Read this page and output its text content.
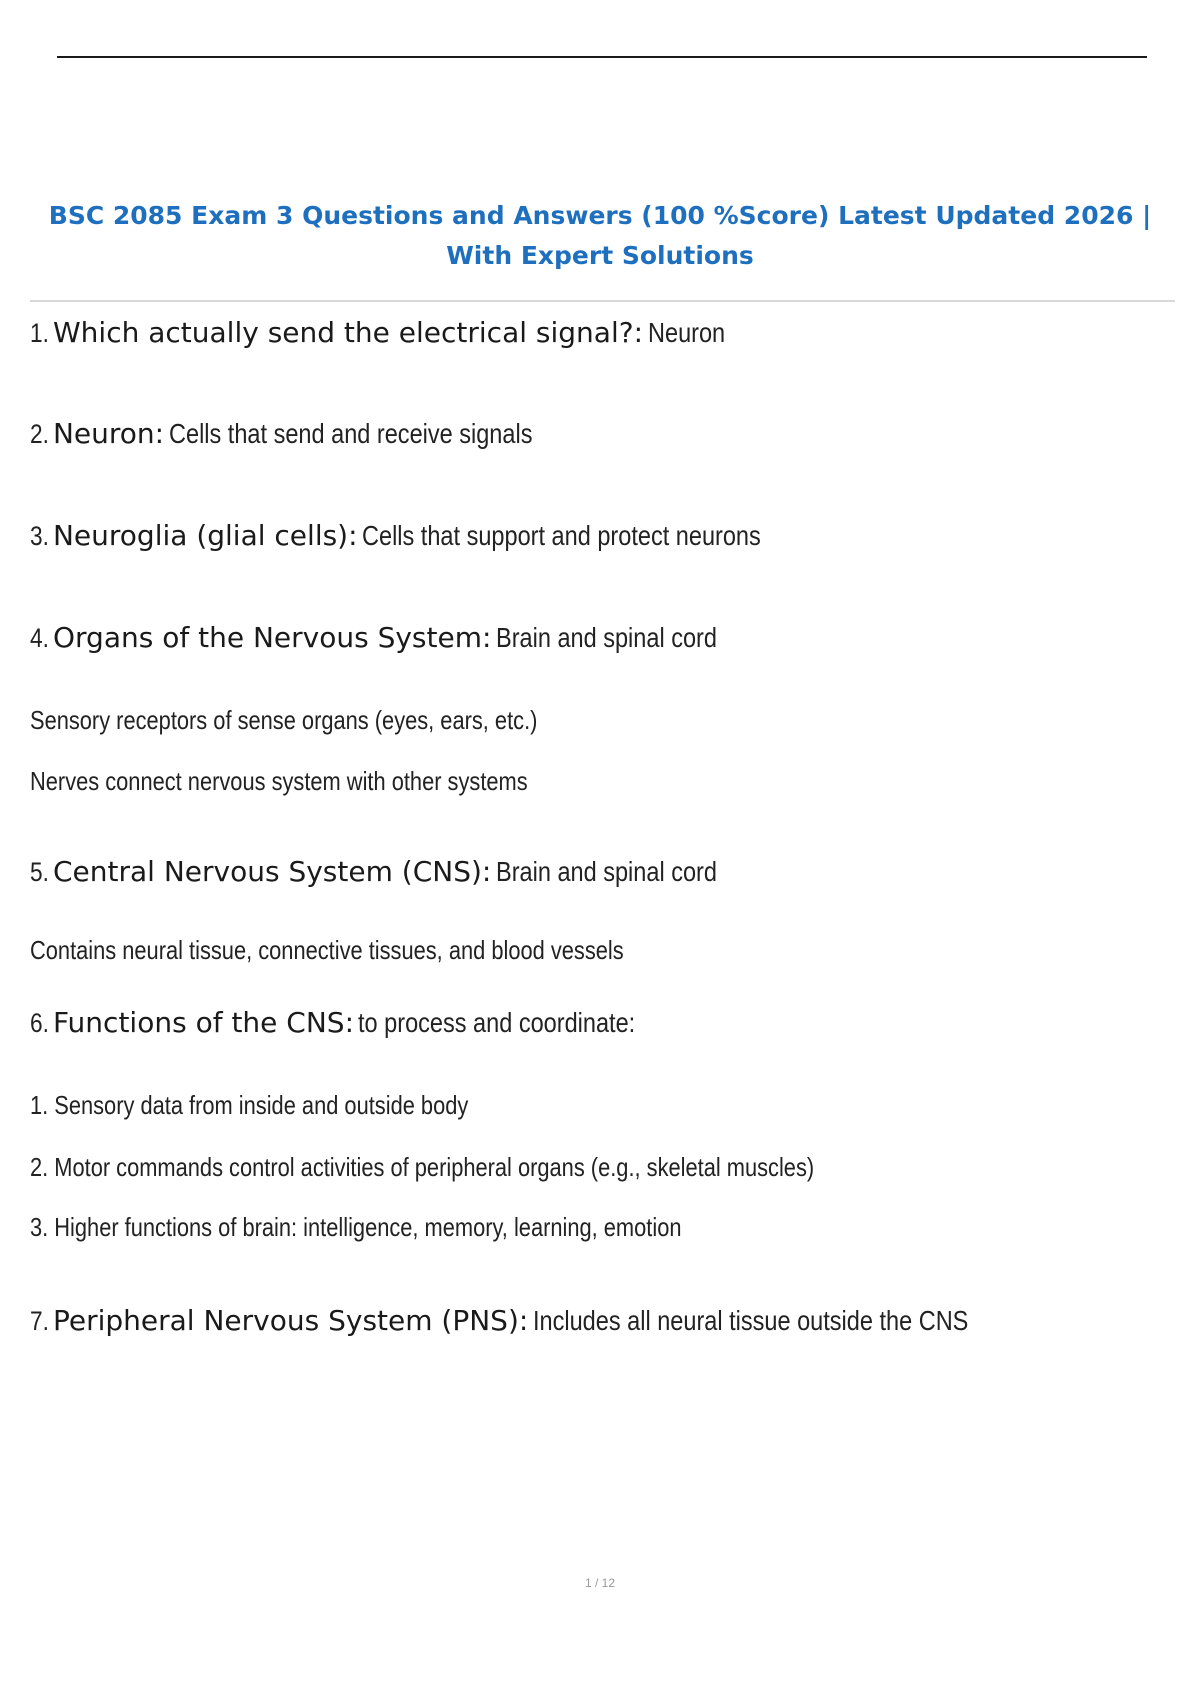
BSC 2085 Exam 3 Questions and Answers (100 %Score) Latest Updated 2026 |
With Expert Solutions
1. Which actually send the electrical signal?: Neuron
2. Neuron: Cells that send and receive signals
3. Neuroglia (glial cells): Cells that support and protect neurons
4. Organs of the Nervous System: Brain and spinal cord
Sensory receptors of sense organs (eyes, ears, etc.)
Nerves connect nervous system with other systems
5. Central Nervous System (CNS): Brain and spinal cord
Contains neural tissue, connective tissues, and blood vessels
6. Functions of the CNS: to process and coordinate:
1. Sensory data from inside and outside body
2. Motor commands control activities of peripheral organs (e.g., skeletal muscles)
3. Higher functions of brain: intelligence, memory, learning, emotion
7. Peripheral Nervous System (PNS): Includes all neural tissue outside the CNS
1 / 12
